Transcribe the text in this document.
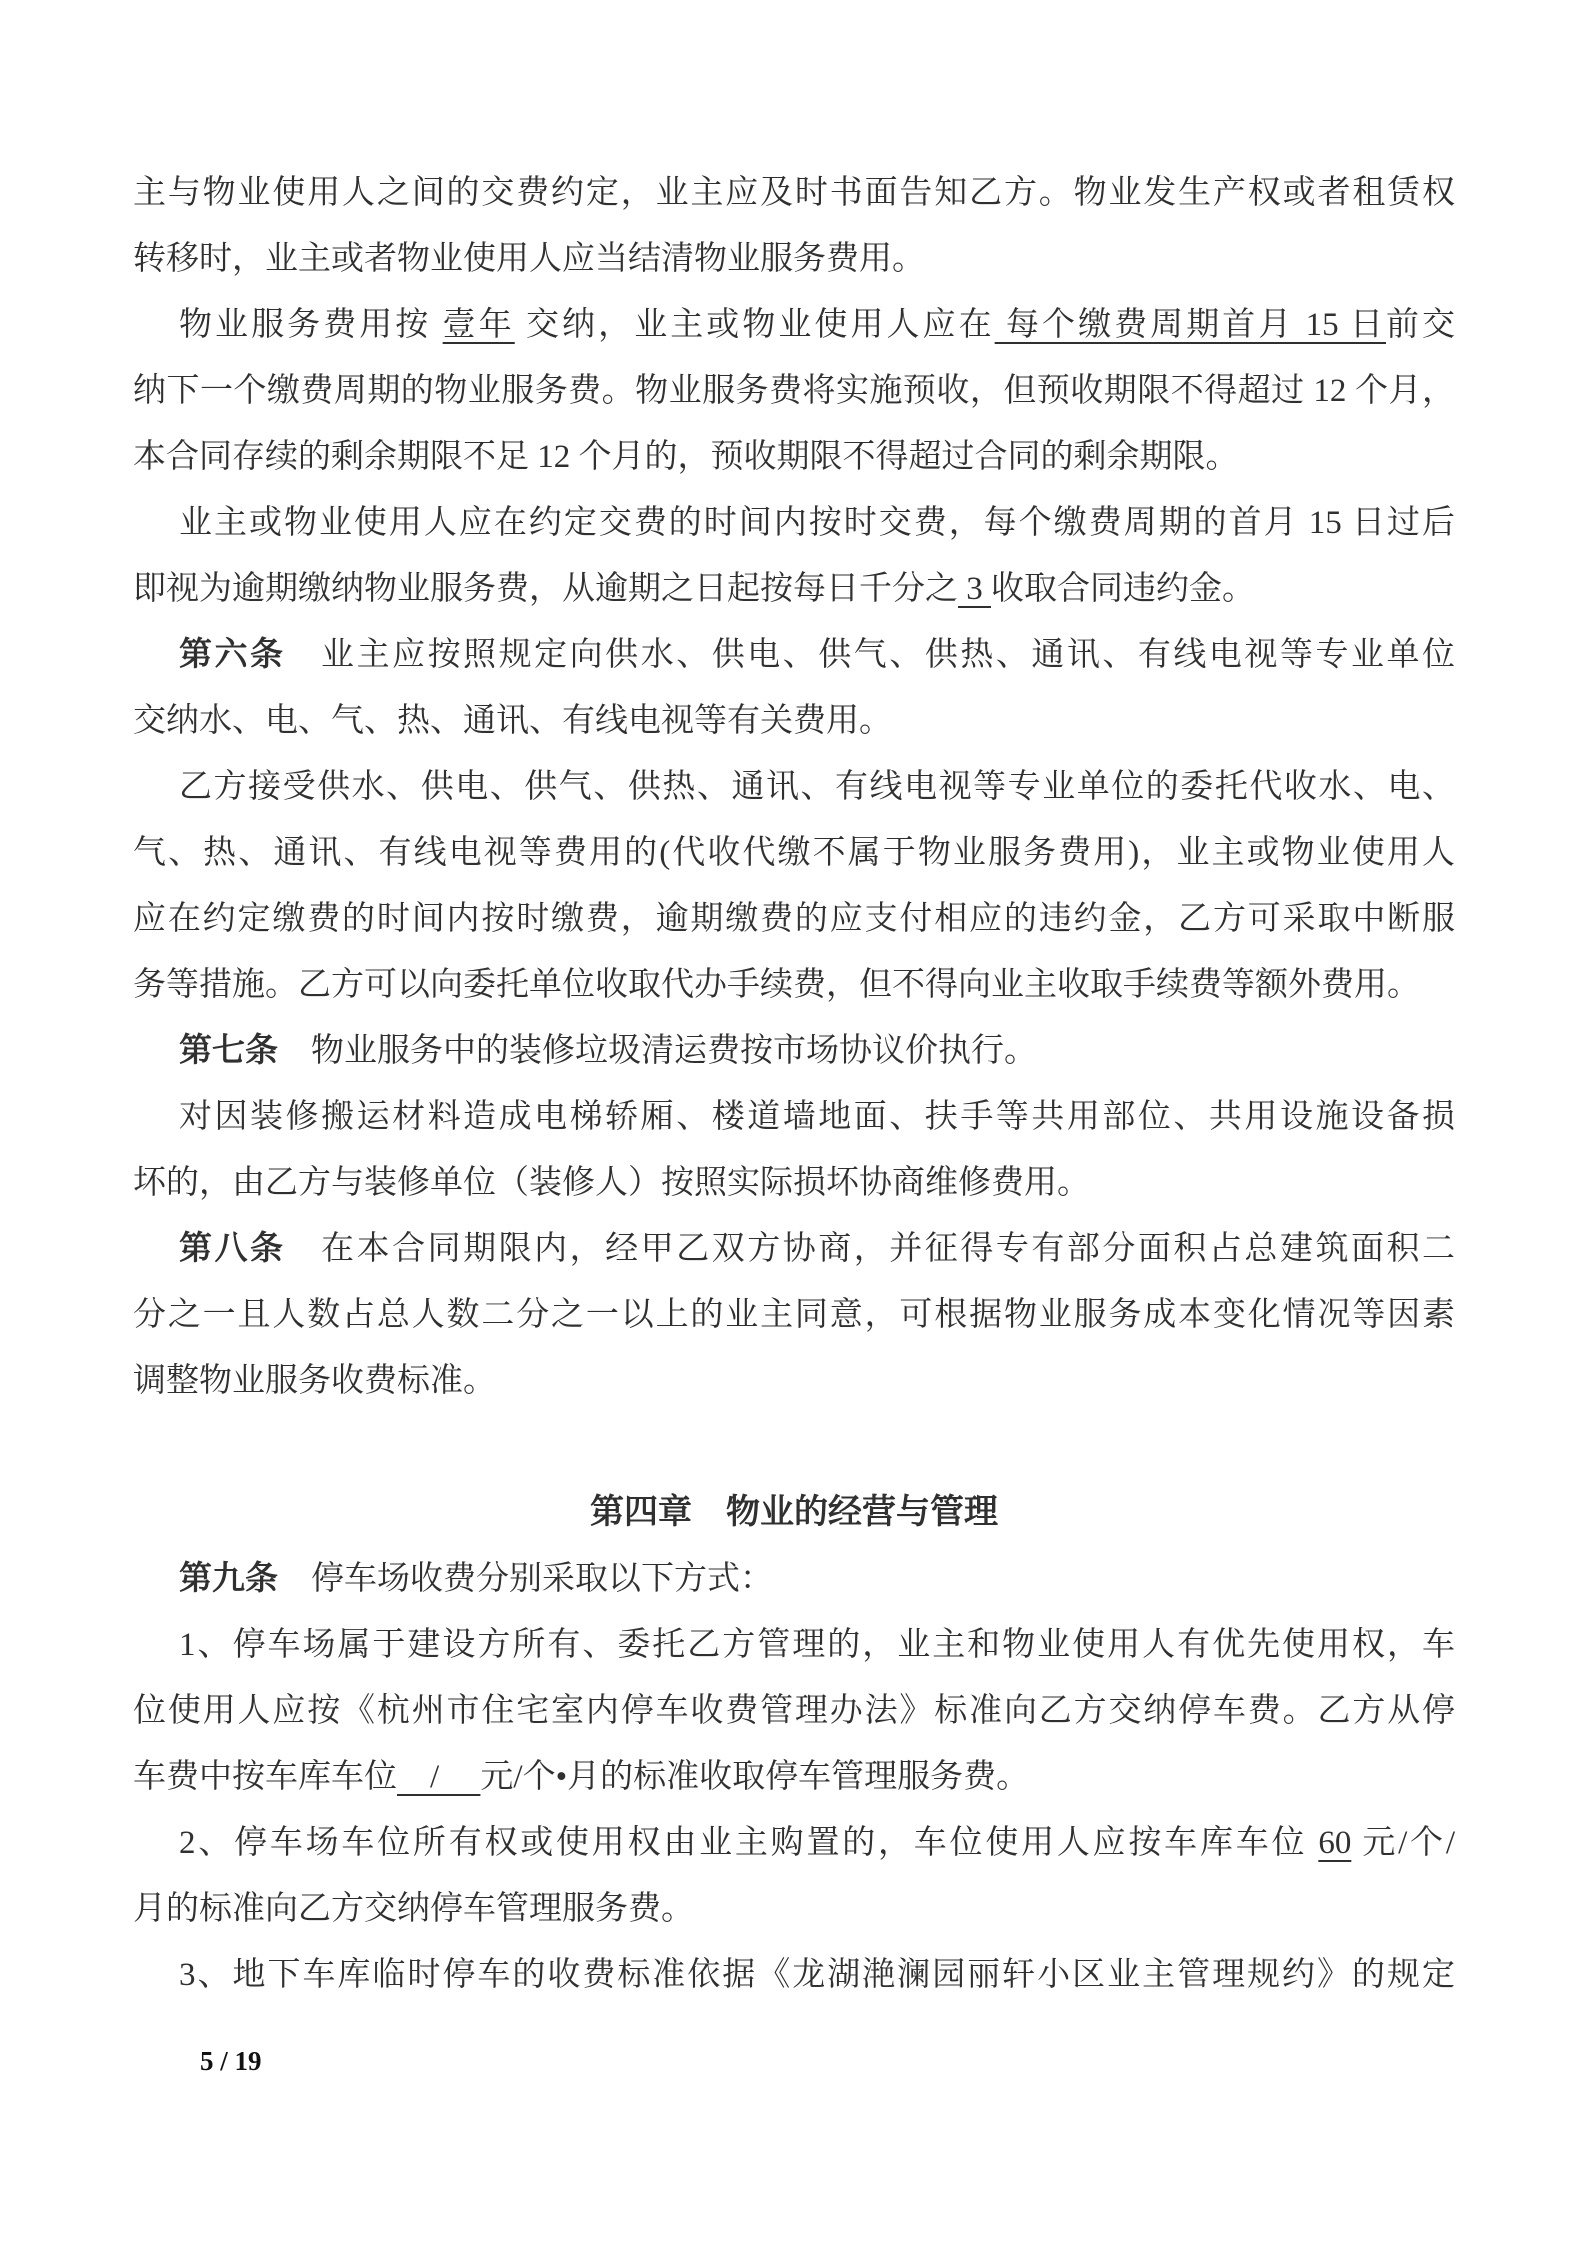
主与物业使用人之间的交费约定，业主应及时书面告知乙方。物业发生产权或者租赁权
转移时，业主或者物业使用人应当结清物业服务费用。

物业服务费用按 壹年 交纳，业主或物业使用人应在 每个缴费周期首月 15 日前交
纳下一个缴费周期的物业服务费。物业服务费将实施预收，但预收期限不得超过 12 个月，
本合同存续的剩余期限不足 12 个月的，预收期限不得超过合同的剩余期限。

业主或物业使用人应在约定交费的时间内按时交费，每个缴费周期的首月 15 日过后
即视为逾期缴纳物业服务费，从逾期之日起按每日千分之 3 收取合同违约金。

第六条　业主应按照规定向供水、供电、供气、供热、通讯、有线电视等专业单位
交纳水、电、气、热、通讯、有线电视等有关费用。

乙方接受供水、供电、供气、供热、通讯、有线电视等专业单位的委托代收水、电、
气、热、通讯、有线电视等费用的(代收代缴不属于物业服务费用)，业主或物业使用人
应在约定缴费的时间内按时缴费，逾期缴费的应支付相应的违约金，乙方可采取中断服
务等措施。乙方可以向委托单位收取代办手续费，但不得向业主收取手续费等额外费用。

第七条　物业服务中的装修垃圾清运费按市场协议价执行。

对因装修搬运材料造成电梯轿厢、楼道墙地面、扶手等共用部位、共用设施设备损
坏的，由乙方与装修单位（装修人）按照实际损坏协商维修费用。

第八条　在本合同期限内，经甲乙双方协商，并征得专有部分面积占总建筑面积二
分之一且人数占总人数二分之一以上的业主同意，可根据物业服务成本变化情况等因素
调整物业服务收费标准。

第四章　物业的经营与管理

第九条　停车场收费分别采取以下方式：

1、停车场属于建设方所有、委托乙方管理的，业主和物业使用人有优先使用权，车
位使用人应按《杭州市住宅室内停车收费管理办法》标准向乙方交纳停车费。乙方从停
车费中按车库车位    /     元/个•月的标准收取停车管理服务费。

2、停车场车位所有权或使用权由业主购置的，车位使用人应按车库车位 60 元/个/
月的标准向乙方交纳停车管理服务费。

3、地下车库临时停车的收费标准依据《龙湖滟澜园丽轩小区业主管理规约》的规定

5 / 19
